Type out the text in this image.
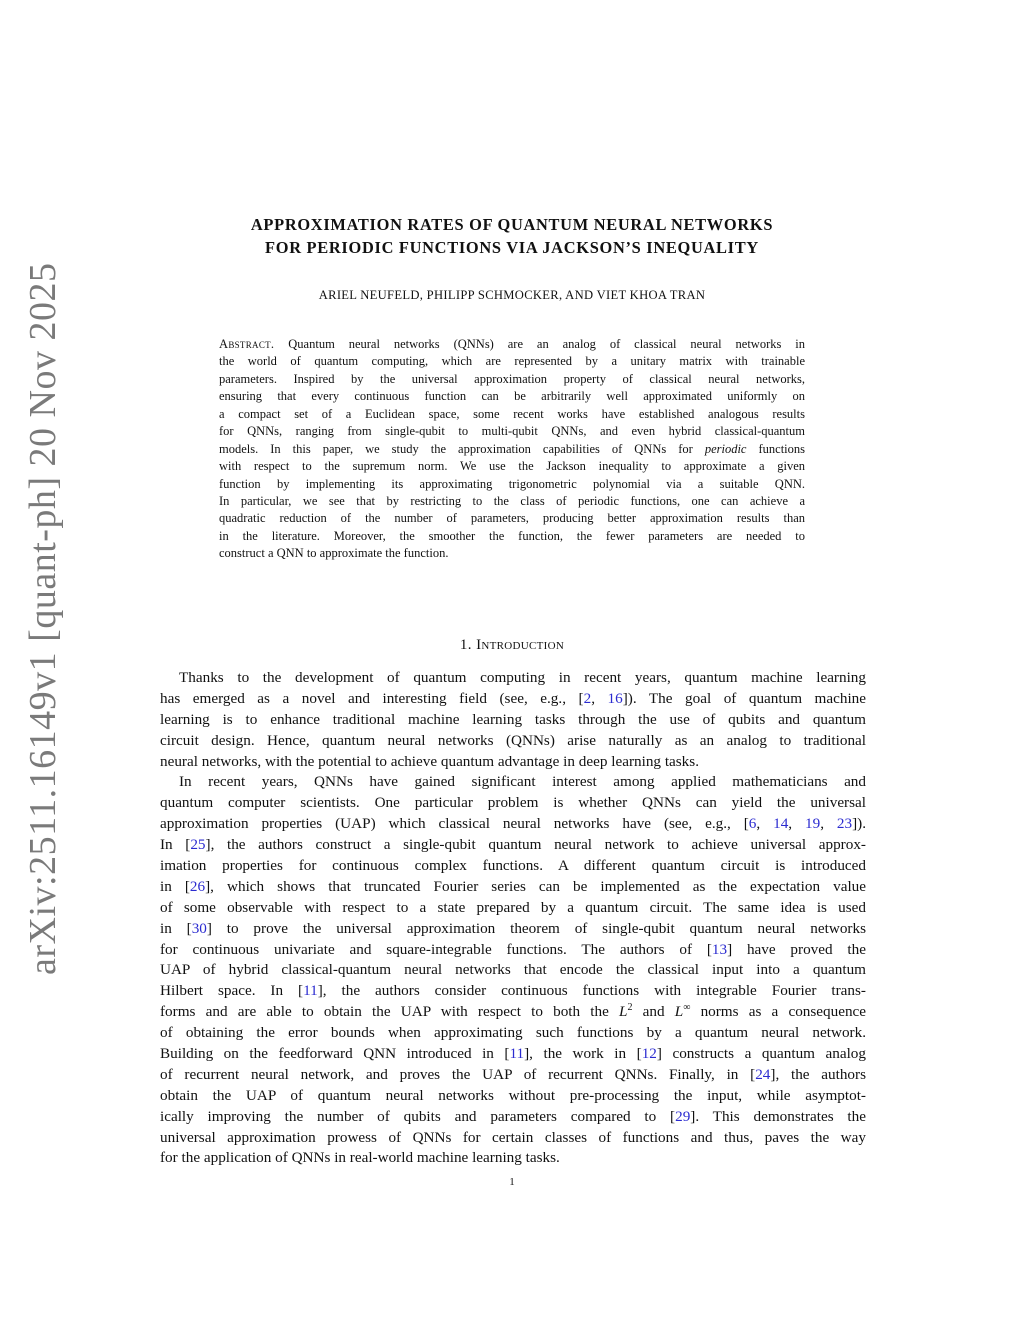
arXiv:2511.16149v1 [quant-ph] 20 Nov 2025
APPROXIMATION RATES OF QUANTUM NEURAL NETWORKS
FOR PERIODIC FUNCTIONS VIA JACKSON’S INEQUALITY
ARIEL NEUFELD, PHILIPP SCHMOCKER, AND VIET KHOA TRAN
Abstract. Quantum neural networks (QNNs) are an analog of classical neural networks in
the world of quantum computing, which are represented by a unitary matrix with trainable
parameters. Inspired by the universal approximation property of classical neural networks,
ensuring that every continuous function can be arbitrarily well approximated uniformly on
a compact set of a Euclidean space, some recent works have established analogous results
for QNNs, ranging from single-qubit to multi-qubit QNNs, and even hybrid classical-quantum
models. In this paper, we study the approximation capabilities of QNNs for periodic functions
with respect to the supremum norm. We use the Jackson inequality to approximate a given
function by implementing its approximating trigonometric polynomial via a suitable QNN.
In particular, we see that by restricting to the class of periodic functions, one can achieve a
quadratic reduction of the number of parameters, producing better approximation results than
in the literature. Moreover, the smoother the function, the fewer parameters are needed to
construct a QNN to approximate the function.
1. Introduction
Thanks to the development of quantum computing in recent years, quantum machine learning
has emerged as a novel and interesting field (see, e.g., [2, 16]). The goal of quantum machine
learning is to enhance traditional machine learning tasks through the use of qubits and quantum
circuit design. Hence, quantum neural networks (QNNs) arise naturally as an analog to traditional
neural networks, with the potential to achieve quantum advantage in deep learning tasks.
In recent years, QNNs have gained significant interest among applied mathematicians and
quantum computer scientists. One particular problem is whether QNNs can yield the universal
approximation properties (UAP) which classical neural networks have (see, e.g., [6, 14, 19, 23]).
In [25], the authors construct a single-qubit quantum neural network to achieve universal approx-
imation properties for continuous complex functions. A different quantum circuit is introduced
in [26], which shows that truncated Fourier series can be implemented as the expectation value
of some observable with respect to a state prepared by a quantum circuit. The same idea is used
in [30] to prove the universal approximation theorem of single-qubit quantum neural networks
for continuous univariate and square-integrable functions. The authors of [13] have proved the
UAP of hybrid classical-quantum neural networks that encode the classical input into a quantum
Hilbert space. In [11], the authors consider continuous functions with integrable Fourier trans-
forms and are able to obtain the UAP with respect to both the $L^2$ and L∞ norms as a consequence
of obtaining the error bounds when approximating such functions by a quantum neural network.
Building on the feedforward QNN introduced in [11], the work in [12] constructs a quantum analog
of recurrent neural network, and proves the UAP of recurrent QNNs. Finally, in [24], the authors
obtain the UAP of quantum neural networks without pre-processing the input, while asymptot-
ically improving the number of qubits and parameters compared to [29]. This demonstrates the
universal approximation prowess of QNNs for certain classes of functions and thus, paves the way
for the application of QNNs in real-world machine learning tasks.
1
